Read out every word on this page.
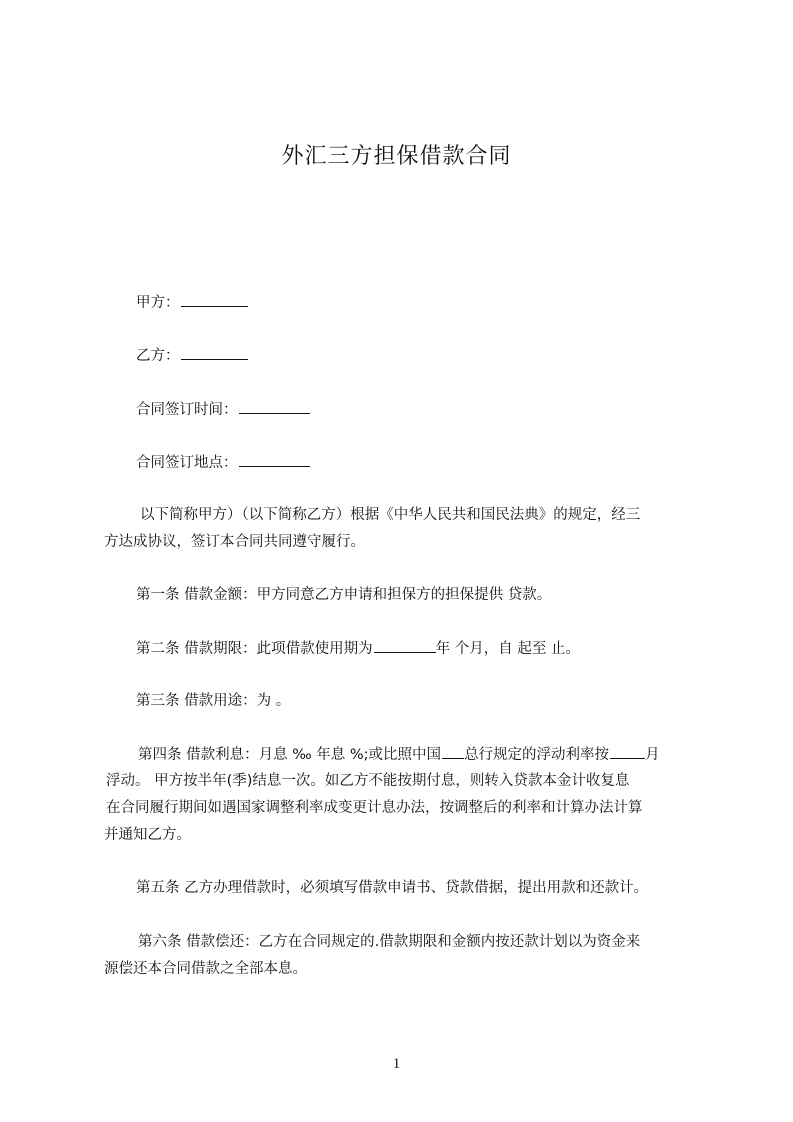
外汇三方担保借款合同
甲方：
乙方：
合同签订时间：
合同签订地点：
以下简称甲方）（以下简称乙方）根据《中华人民共和国民法典》的规定，经三
方达成协议，签订本合同共同遵守履行。
第一条 借款金额：甲方同意乙方申请和担保方的担保提供 贷款。
第二条 借款期限：此项借款使用期为	年 个月，自 起至 止。
第三条 借款用途：为 。
第四条 借款利息：月息 ‰ 年息 %;或比照中国 总行规定的浮动利率按 月
浮动。 甲方按半年(季)结息一次。如乙方不能按期付息，则转入贷款本金计收复息
在合同履行期间如遇国家调整利率成变更计息办法，按调整后的利率和计算办法计算
并通知乙方。
第五条 乙方办理借款时，必须填写借款申请书、贷款借据，提出用款和还款计。
第六条 借款偿还：乙方在合同规定的.借款期限和金额内按还款计划以为资金来
源偿还本合同借款之全部本息。
1
